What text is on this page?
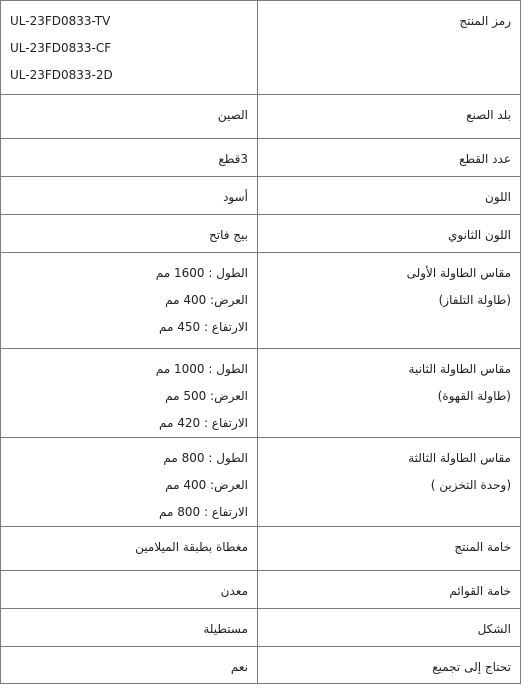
رمز المنتج	UL-23FD0833-TV
UL-23FD0833-CF
UL-23FD0833-2D

بلد الصنع	الصين

عدد القطع	3قطع

اللون	أسود

اللون الثانوي	بيج فاتح

مقاس الطاولة الأولى
(طاولة التلفاز)	الطول : 1600 مم
العرض: 400 مم
الارتفاع : 450 مم

مقاس الطاولة الثانية
(طاولة القهوة)	الطول : 1000 مم
العرض: 500 مم
الارتفاع : 420 مم

مقاس الطاولة الثالثة
(وحدة التخزين )	الطول : 800 مم
العرض: 400 مم
الارتفاع : 800 مم

خامة المنتج	مغطاة بطبقة الميلامين

خامة القوائم	معدن

الشكل	مستطيلة

تحتاج إلى تجميع	نعم
